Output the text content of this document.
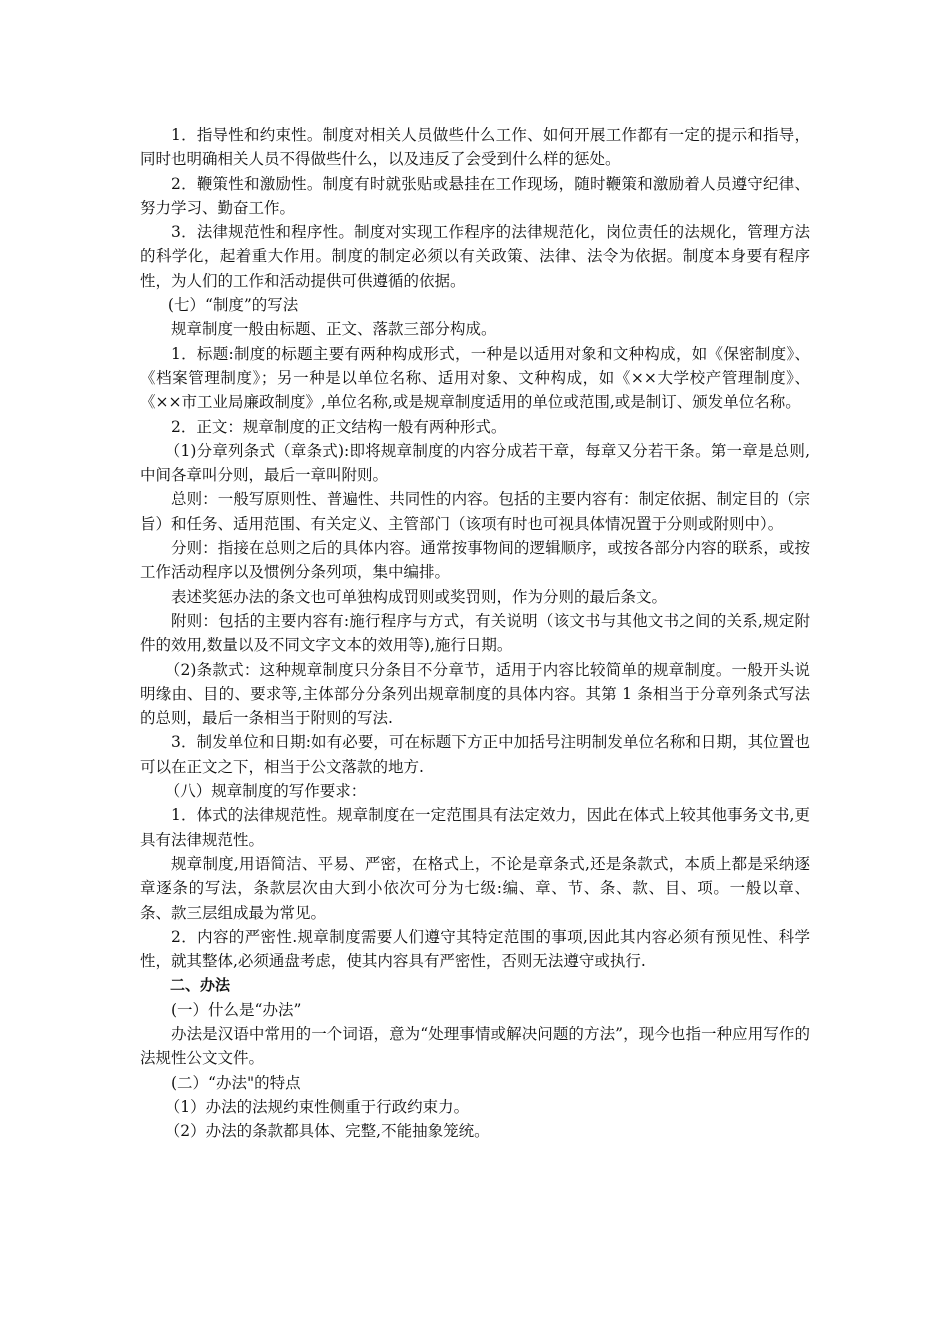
1．指导性和约束性。制度对相关人员做些什么工作、如何开展工作都有一定的提示和指导，同时也明确相关人员不得做些什么，以及违反了会受到什么样的惩处。

2．鞭策性和激励性。制度有时就张贴或悬挂在工作现场，随时鞭策和激励着人员遵守纪律、努力学习、勤奋工作。

3．法律规范性和程序性。制度对实现工作程序的法律规范化，岗位责任的法规化，管理方法的科学化，起着重大作用。制度的制定必须以有关政策、法律、法令为依据。制度本身要有程序性，为人们的工作和活动提供可供遵循的依据。

(七）“制度”的写法

规章制度一般由标题、正文、落款三部分构成。

1．标题:制度的标题主要有两种构成形式，一种是以适用对象和文种构成，如《保密制度》、《档案管理制度》；另一种是以单位名称、适用对象、文种构成，如《××大学校产管理制度》、《××市工业局廉政制度》,单位名称,或是规章制度适用的单位或范围,或是制订、颁发单位名称。

2．正文：规章制度的正文结构一般有两种形式。

（1)分章列条式（章条式):即将规章制度的内容分成若干章，每章又分若干条。第一章是总则,中间各章叫分则，最后一章叫附则。

总则：一般写原则性、普遍性、共同性的内容。包括的主要内容有：制定依据、制定目的（宗旨）和任务、适用范围、有关定义、主管部门（该项有时也可视具体情况置于分则或附则中）。

分则：指接在总则之后的具体内容。通常按事物间的逻辑顺序，或按各部分内容的联系，或按工作活动程序以及惯例分条列项，集中编排。

表述奖惩办法的条文也可单独构成罚则或奖罚则，作为分则的最后条文。

附则：包括的主要内容有:施行程序与方式，有关说明（该文书与其他文书之间的关系,规定附件的效用,数量以及不同文字文本的效用等),施行日期。

（2)条款式：这种规章制度只分条目不分章节，适用于内容比较简单的规章制度。一般开头说明缘由、目的、要求等,主体部分分条列出规章制度的具体内容。其第 1 条相当于分章列条式写法的总则，最后一条相当于附则的写法.

3．制发单位和日期:如有必要，可在标题下方正中加括号注明制发单位名称和日期，其位置也可以在正文之下，相当于公文落款的地方.

（八）规章制度的写作要求：

1．体式的法律规范性。规章制度在一定范围具有法定效力，因此在体式上较其他事务文书,更具有法律规范性。

规章制度,用语简洁、平易、严密，在格式上，不论是章条式,还是条款式，本质上都是采纳逐章逐条的写法，条款层次由大到小依次可分为七级:编、章、节、条、款、目、项。一般以章、条、款三层组成最为常见。

2．内容的严密性.规章制度需要人们遵守其特定范围的事项,因此其内容必须有预见性、科学性，就其整体,必须通盘考虑，使其内容具有严密性，否则无法遵守或执行.

二、办法

(一）什么是“办法”

办法是汉语中常用的一个词语，意为“处理事情或解决问题的方法”，现今也指一种应用写作的法规性公文文件。

(二）“办法"的特点

（1）办法的法规约束性侧重于行政约束力。

（2）办法的条款都具体、完整,不能抽象笼统。
